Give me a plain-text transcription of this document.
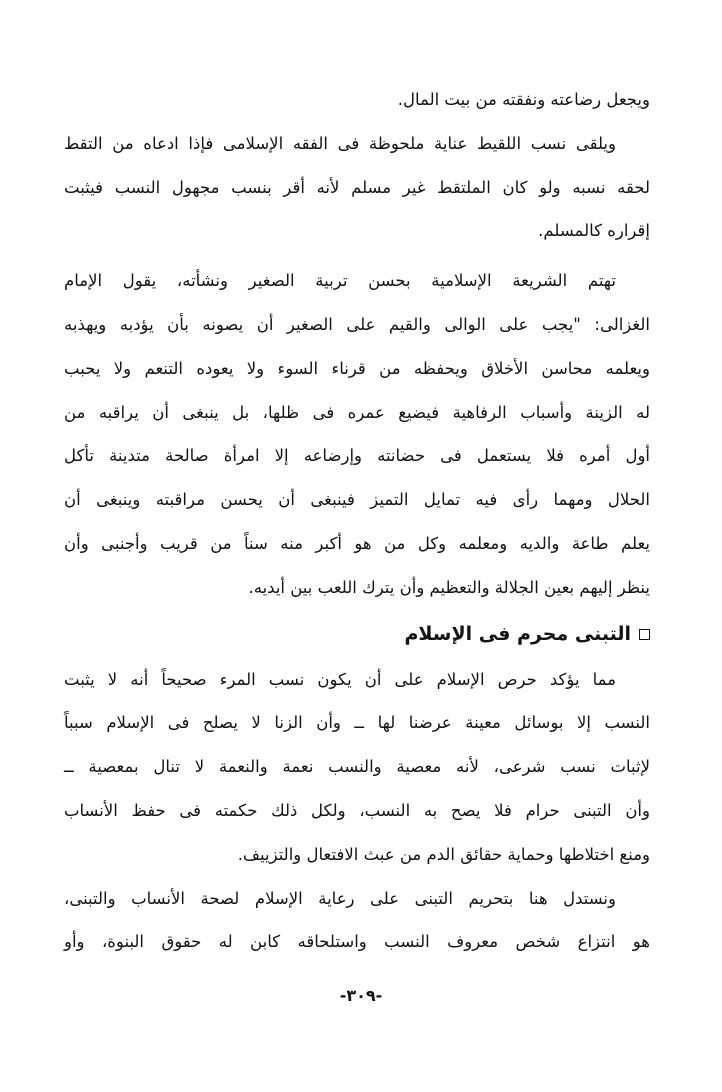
ويجعل رضاعته ونفقته من بيت المال.

ويلقى نسب اللقيط عناية ملحوظة فى الفقه الإسلامى فإذا ادعاه من التقط
لحقه نسبه ولو كان الملتقط غير مسلم لأنه أقر بنسب مجهول النسب فيثبت
إقراره كالمسلم.

تهتم الشريعة الإسلامية بحسن تربية الصغير ونشأته، يقول الإمام
الغزالى: "يجب على الوالى والقيم على الصغير أن يصونه بأن يؤدبه ويهذبه
ويعلمه محاسن الأخلاق ويحفظه من قرناء السوء ولا يعوده التنعم ولا يحبب
له الزينة وأسباب الرفاهية فيضيع عمره فى ظلها، بل ينبغى أن يراقبه من
أول أمره فلا يستعمل فى حضانته وإرضاعه إلا امرأة صالحة متدينة تأكل
الحلال ومهما رأى فيه تمايل التميز فينبغى أن يحسن مراقبته وينبغى أن
يعلم طاعة والديه ومعلمه وكل من هو أكبر منه سناً من قريب وأجنبى وأن
ينظر إليهم بعين الجلالة والتعظيم وأن يترك اللعب بين أيديه.

التبنى محرم فى الإسلام

مما يؤكد حرص الإسلام على أن يكون نسب المرء صحيحاً أنه لا يثبت
النسب إلا بوسائل معينة عرضنا لها ــ وأن الزنا لا يصلح فى الإسلام سبباً
لإثبات نسب شرعى، لأنه معصية والنسب نعمة والنعمة لا تنال بمعصية ــ
وأن التبنى حرام فلا يصح به النسب، ولكل ذلك حكمته فى حفظ الأنساب
ومنع اختلاطها وحماية حقائق الدم من عبث الافتعال والتزييف.

ونستدل هنا بتحريم التبنى على رعاية الإسلام لصحة الأنساب والتبنى،
هو انتزاع شخص معروف النسب واستلحاقه كابن له حقوق البنوة، وأو

-٣٠٩-
